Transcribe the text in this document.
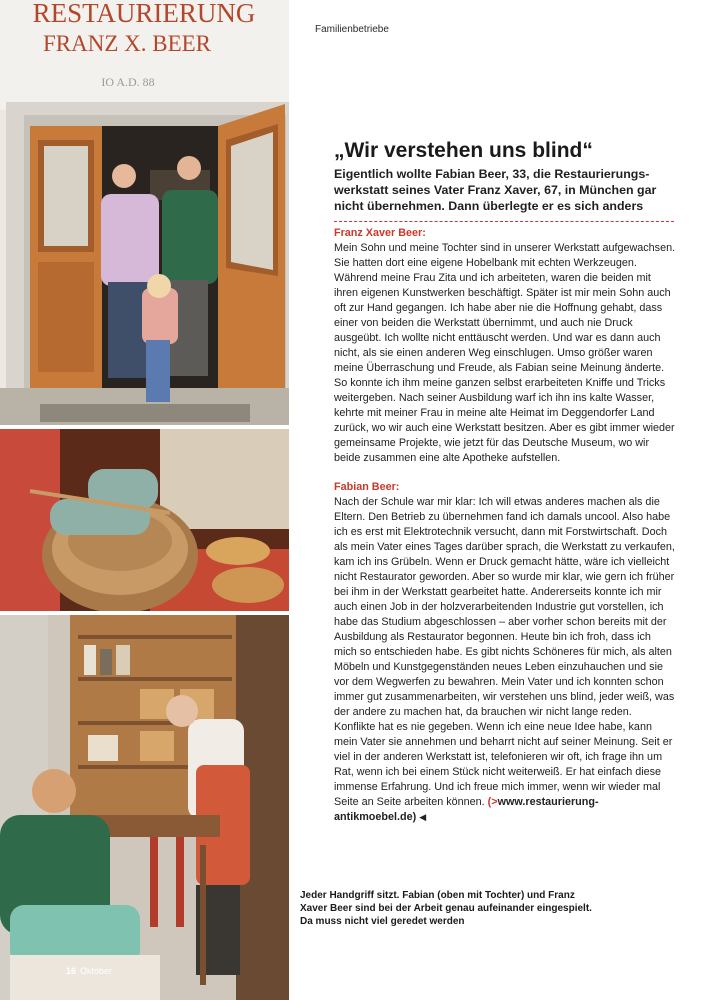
RESTAURIERUNG
FRANZ X. BEER
IO A.D. 88
Familienbetriebe
„Wir verstehen uns blind“

Eigentlich wollte Fabian Beer, 33, die Restaurierungswerkstatt seines Vater Franz Xaver, 67, in München gar nicht übernehmen. Dann überlegte er es sich anders

Franz Xaver Beer:
Mein Sohn und meine Tochter sind in unserer Werkstatt aufgewachsen. Sie hatten dort eine eigene Hobelbank mit echten Werkzeugen. Während meine Frau Zita und ich arbeiteten, waren die beiden mit ihren eigenen Kunstwerken beschäftigt. Später ist mir mein Sohn auch oft zur Hand gegangen. Ich habe aber nie die Hoffnung gehabt, dass einer von beiden die Werkstatt übernimmt, und auch nie Druck ausgeübt. Ich wollte nicht enttäuscht werden. Und war es dann auch nicht, als sie einen anderen Weg einschlugen. Umso größer waren meine Überraschung und Freude, als Fabian seine Meinung änderte. So konnte ich ihm meine ganzen selbst erarbeiteten Kniffe und Tricks weitergeben. Nach seiner Ausbildung warf ich ihn ins kalte Wasser, kehrte mit meiner Frau in meine alte Heimat im Deggendorfer Land zurück, wo wir auch eine Werkstatt besitzen. Aber es gibt immer wieder gemeinsame Projekte, wie jetzt für das Deutsche Museum, wo wir beide zusammen eine alte Apotheke aufstellen.

Fabian Beer:
Nach der Schule war mir klar: Ich will etwas anderes machen als die Eltern. Den Betrieb zu übernehmen fand ich damals uncool. Also habe ich es erst mit Elektrotechnik versucht, dann mit Forstwirtschaft. Doch als mein Vater eines Tages darüber sprach, die Werkstatt zu verkaufen, kam ich ins Grübeln. Wenn er Druck gemacht hätte, wäre ich vielleicht nicht Restaurator geworden. Aber so wurde mir klar, wie gern ich früher bei ihm in der Werkstatt gearbeitet hatte. Andererseits konnte ich mir auch einen Job in der holzverarbeitenden Industrie gut vorstellen, ich habe das Studium abgeschlossen – aber vorher schon bereits mit der Ausbildung als Restaurator begonnen. Heute bin ich froh, dass ich mich so entschieden habe. Es gibt nichts Schöneres für mich, als alten Möbeln und Kunstgegenständen neues Leben einzuhauchen und sie vor dem Wegwerfen zu bewahren. Mein Vater und ich konnten schon immer gut zusammenarbeiten, wir verstehen uns blind, jeder weiß, was der andere zu machen hat, da brauchen wir nicht lange reden. Konflikte hat es nie gegeben. Wenn ich eine neue Idee habe, kann mein Vater sie annehmen und beharrt nicht auf seiner Meinung. Seit er viel in der anderen Werkstatt ist, telefonieren wir oft, ich frage ihn um Rat, wenn ich bei einem Stück nicht weiterweiß. Er hat einfach diese immense Erfahrung. Und ich freue mich immer, wenn wir wieder mal Seite an Seite arbeiten können. (>www.restaurierung-antikmoebel.de) ◀

Jeder Handgriff sitzt. Fabian (oben mit Tochter) und Franz Xaver Beer sind bei der Arbeit genau aufeinander eingespielt. Da muss nicht viel geredet werden

16 Oktober
